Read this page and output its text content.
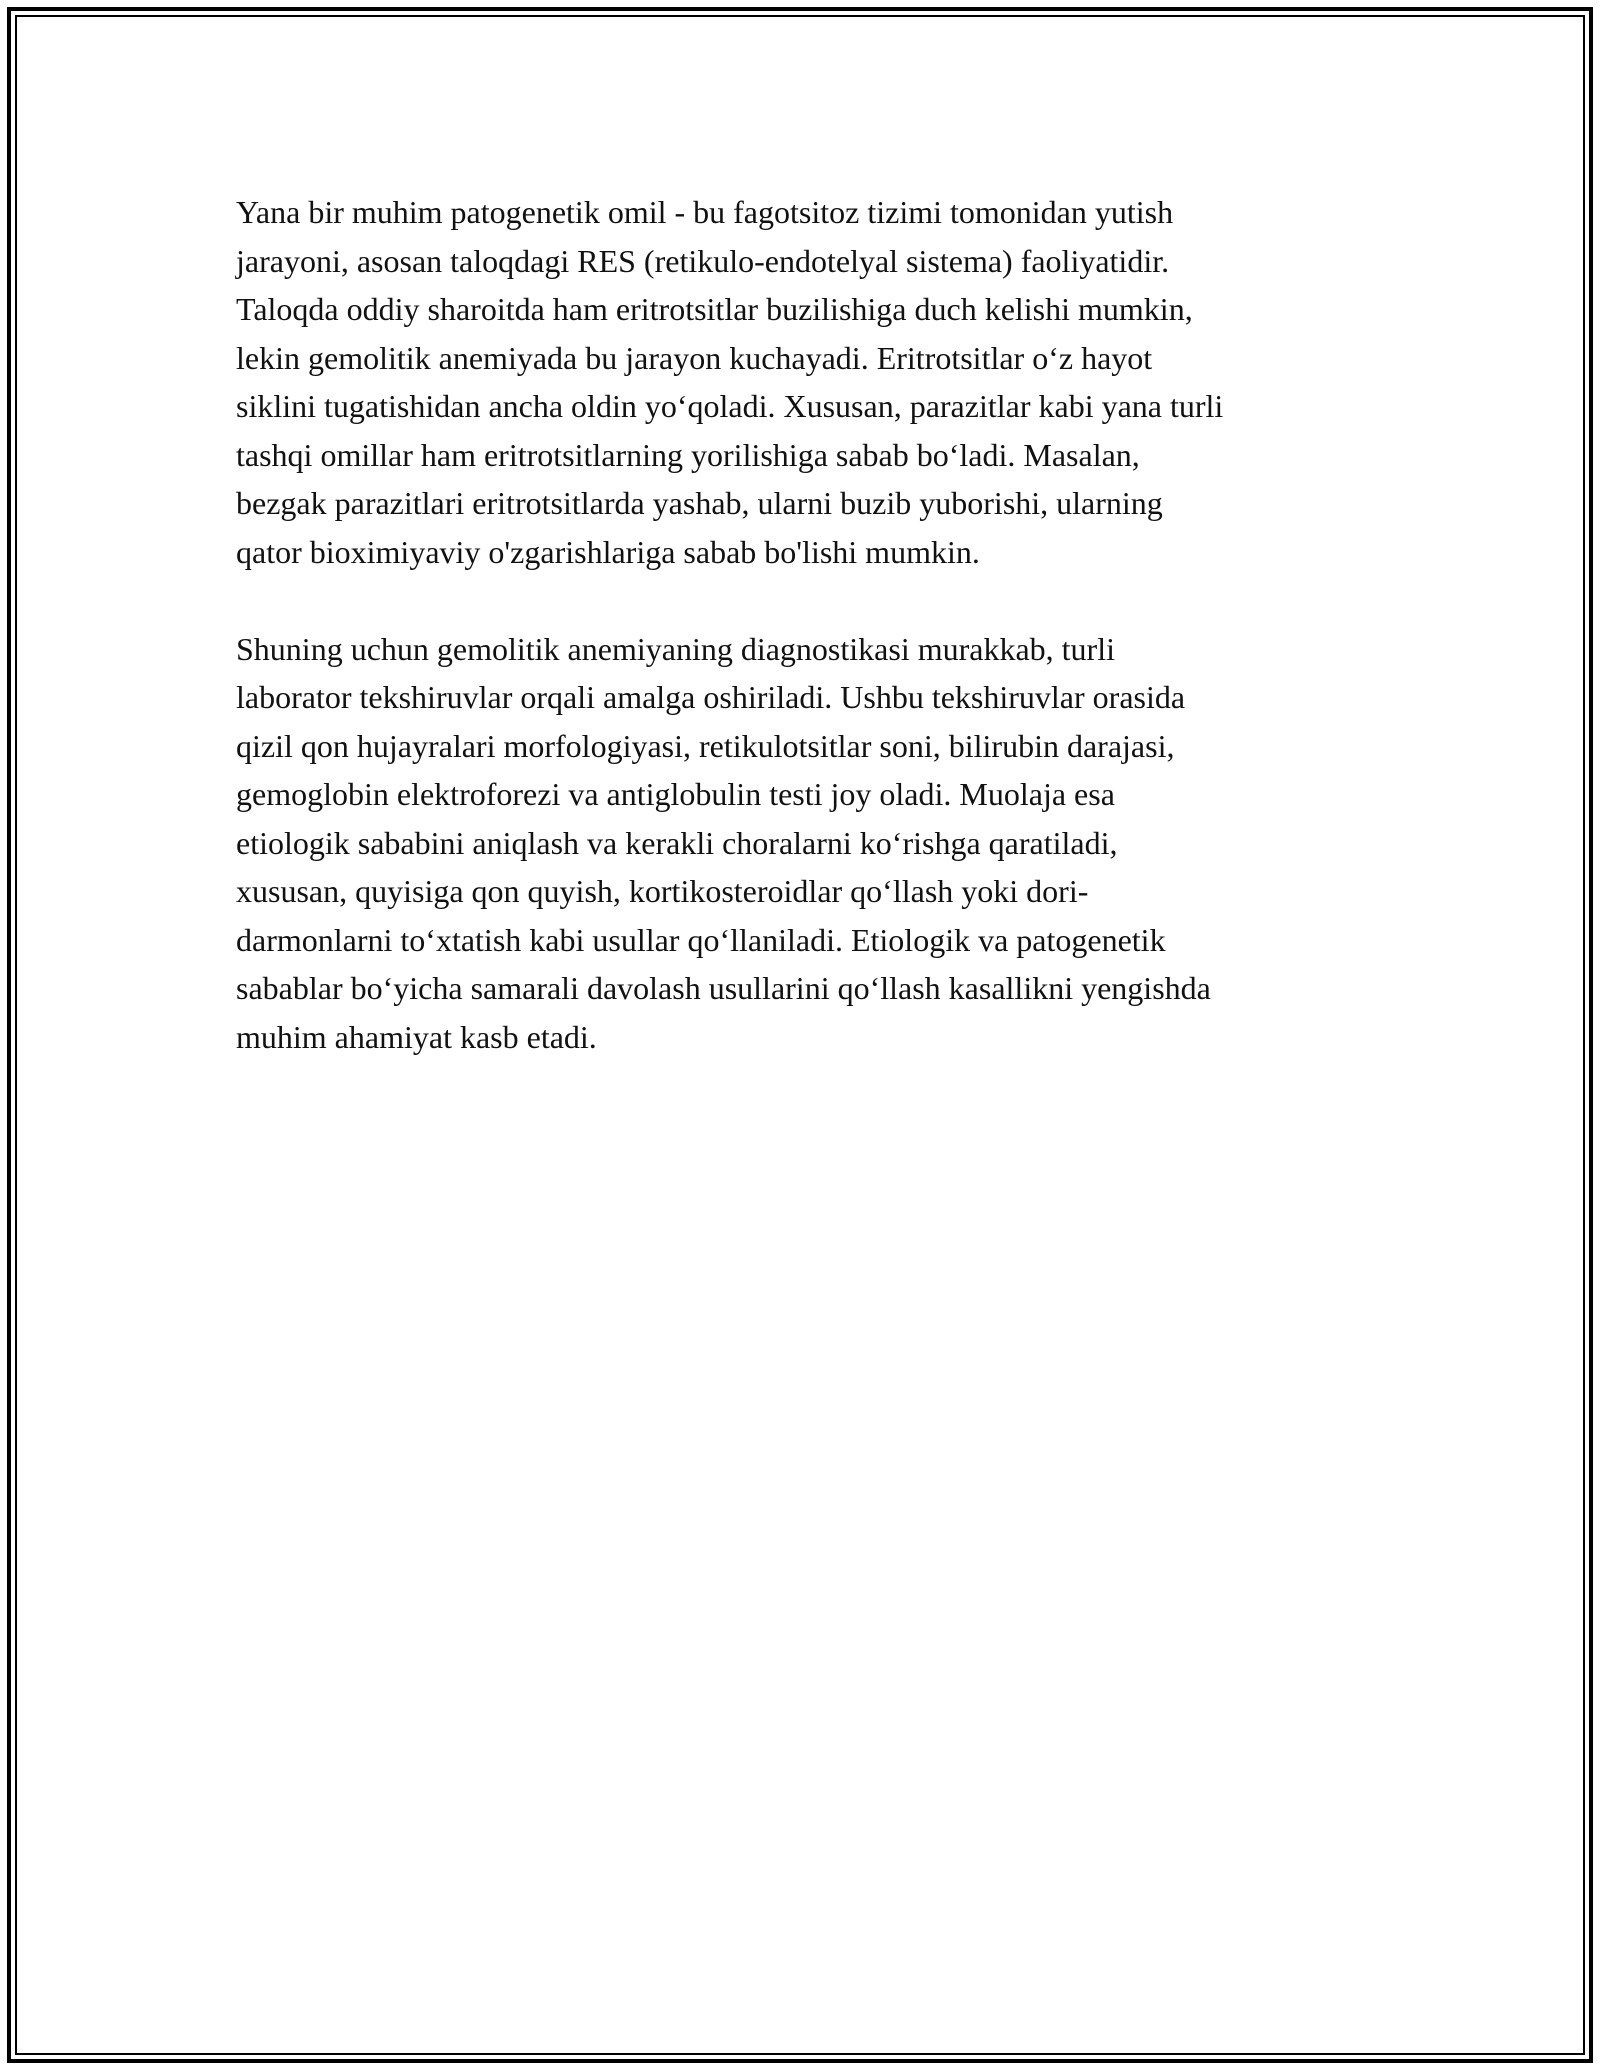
Yana bir muhim patogenetik omil - bu fagotsitoz tizimi tomonidan yutish
jarayoni, asosan taloqdagi RES (retikulo-endotelyal sistema) faoliyatidir.
Taloqda oddiy sharoitda ham eritrotsitlar buzilishiga duch kelishi mumkin,
lekin gemolitik anemiyada bu jarayon kuchayadi. Eritrotsitlar o‘z hayot
siklini tugatishidan ancha oldin yo‘qoladi. Xususan, parazitlar kabi yana turli
tashqi omillar ham eritrotsitlarning yorilishiga sabab bo‘ladi. Masalan,
bezgak parazitlari eritrotsitlarda yashab, ularni buzib yuborishi, ularning
qator bioximiyaviy o'zgarishlariga sabab bo'lishi mumkin.

Shuning uchun gemolitik anemiyaning diagnostikasi murakkab, turli
laborator tekshiruvlar orqali amalga oshiriladi. Ushbu tekshiruvlar orasida
qizil qon hujayralari morfologiyasi, retikulotsitlar soni, bilirubin darajasi,
gemoglobin elektroforezi va antiglobulin testi joy oladi. Muolaja esa
etiologik sababini aniqlash va kerakli choralarni ko‘rishga qaratiladi,
xususan, quyisiga qon quyish, kortikosteroidlar qo‘llash yoki dori-
darmonlarni to‘xtatish kabi usullar qo‘llaniladi. Etiologik va patogenetik
sabablar bo‘yicha samarali davolash usullarini qo‘llash kasallikni yengishda
muhim ahamiyat kasb etadi.
